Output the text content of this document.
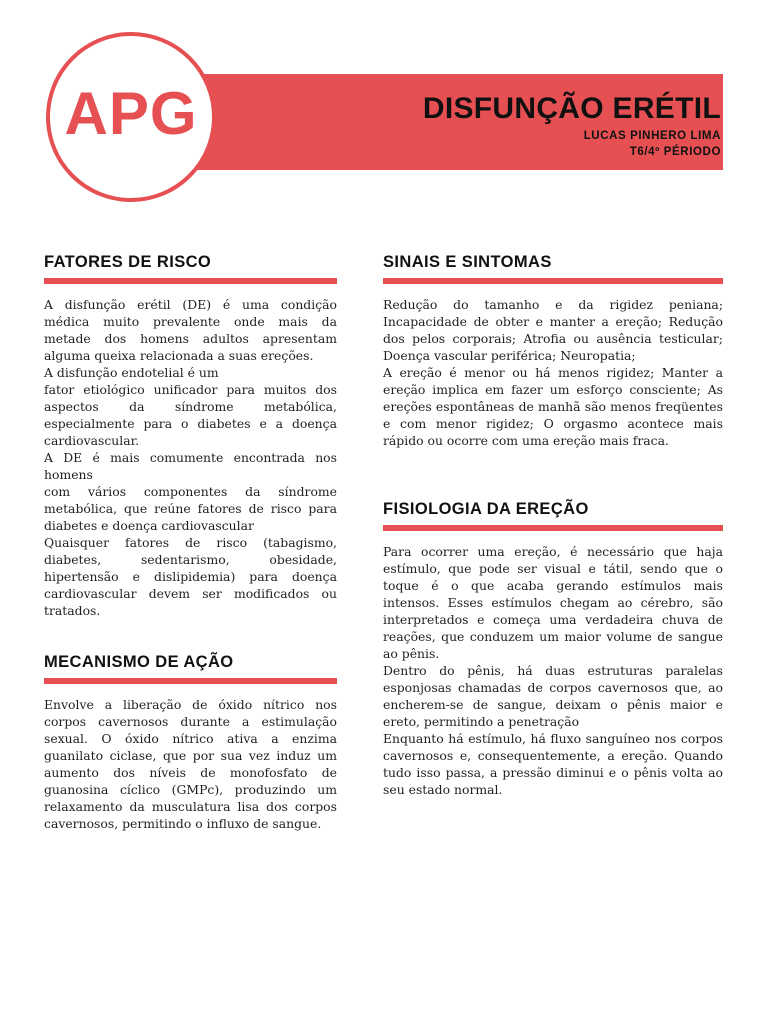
APG	DISFUNÇÃO ERÉTIL
LUCAS PINHERO LIMA
T6/4º PÉRIODO
FATORES DE RISCO

A disfunção erétil (DE) é uma condição médica muito prevalente onde mais da metade dos homens adultos apresentam alguma queixa relacionada a suas ereções.

A disfunção endotelial é um

fator etiológico unificador para muitos dos aspectos da síndrome metabólica, especialmente para o diabetes e a doença cardiovascular.

A DE é mais comumente encontrada nos homens

com vários componentes da síndrome metabólica, que reúne fatores de risco para diabetes e doença cardiovascular

Quaisquer fatores de risco (tabagismo, diabetes, sedentarismo, obesidade, hipertensão e dislipidemia) para doença cardiovascular devem ser modificados ou tratados.

MECANISMO DE AÇÃO

Envolve a liberação de óxido nítrico nos corpos cavernosos durante a estimulação sexual. O óxido nítrico ativa a enzima guanilato ciclase, que por sua vez induz um aumento dos níveis de monofosfato de guanosina cíclico (GMPc), produzindo um relaxamento da musculatura lisa dos corpos cavernosos, permitindo o influxo de sangue.

SINAIS E SINTOMAS

Redução do tamanho e da rigidez peniana; Incapacidade de obter e manter a ereção; Redução dos pelos corporais; Atrofia ou ausência testicular; Doença vascular periférica; Neuropatia;

A ereção é menor ou há menos rigidez; Manter a ereção implica em fazer um esforço consciente; As ereções espontâneas de manhã são menos freqüentes e com menor rigidez; O orgasmo acontece mais rápido ou ocorre com uma ereção mais fraca.

FISIOLOGIA DA EREÇÃO

Para ocorrer uma ereção, é necessário que haja estímulo, que pode ser visual e tátil, sendo que o toque é o que acaba gerando estímulos mais intensos. Esses estímulos chegam ao cérebro, são interpretados e começa uma verdadeira chuva de reações, que conduzem um maior volume de sangue ao pênis.

Dentro do pênis, há duas estruturas paralelas esponjosas chamadas de corpos cavernosos que, ao encherem-se de sangue, deixam o pênis maior e ereto, permitindo a penetração

Enquanto há estímulo, há fluxo sanguíneo nos corpos cavernosos e, consequentemente, a ereção. Quando tudo isso passa, a pressão diminui e o pênis volta ao seu estado normal.
